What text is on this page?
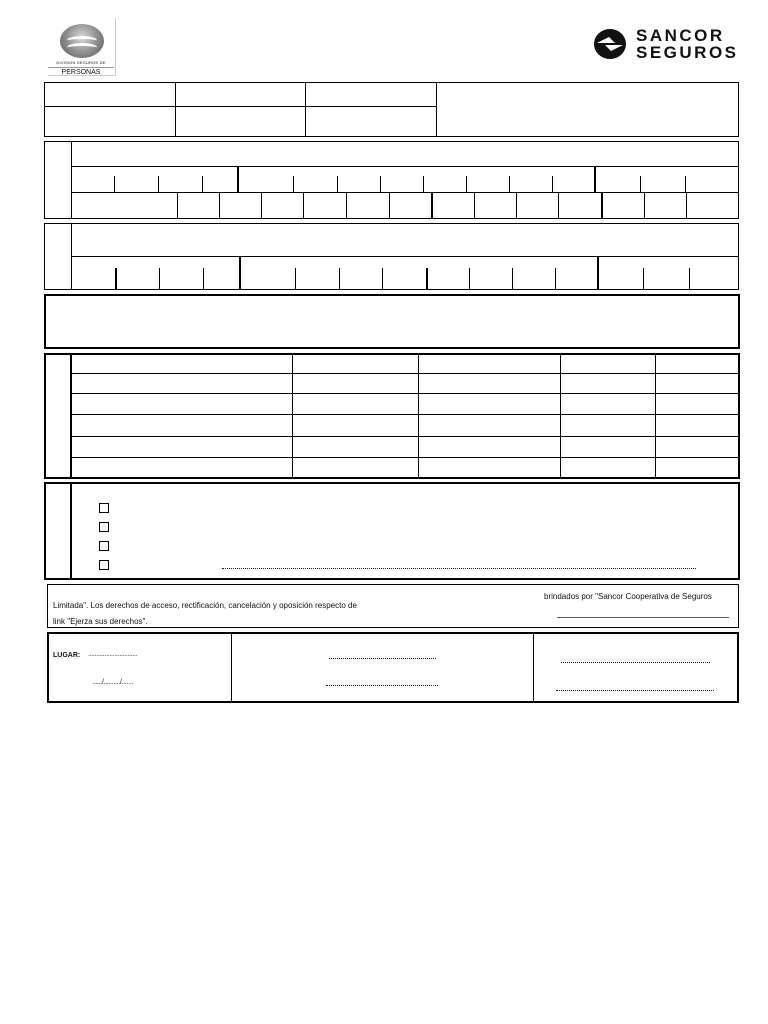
DIVISION SEGUROS DE
PERSONAS
SANCOR
SEGUROS
brindados por "Sancor Cooperativa de Seguros
Limitada". Los derechos de acceso, rectificación, cancelación y oposición respecto de
link "Ejerza sus derechos".
LUGAR: ..............................
....../........../.......
